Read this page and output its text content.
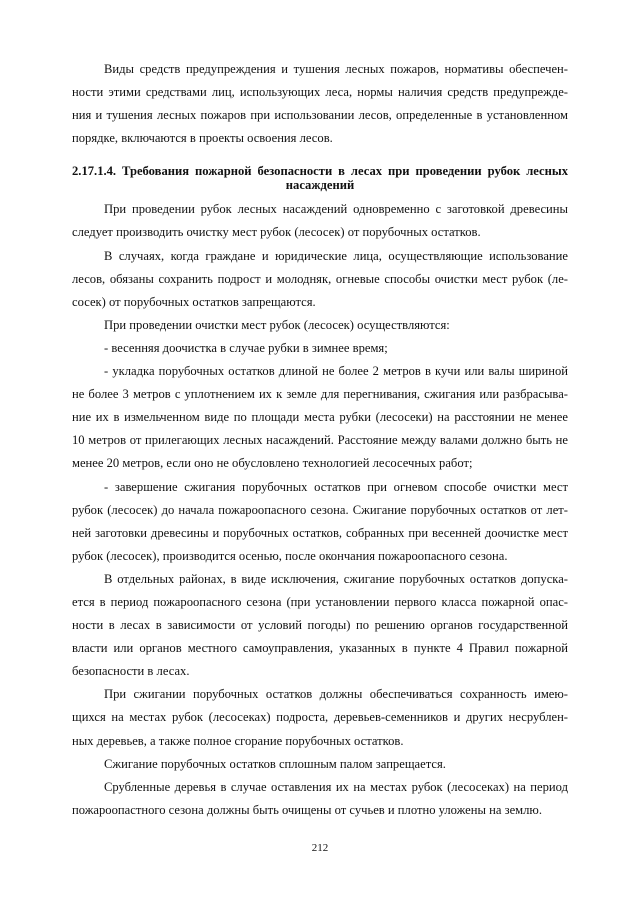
Виды средств предупреждения и тушения лесных пожаров, нормативы обеспечен-
ности этими средствами лиц, использующих леса, нормы наличия средств предупрежде-
ния и тушения лесных пожаров при использовании лесов, определенные в установленном
порядке, включаются в проекты освоения лесов.
2.17.1.4. Требования пожарной безопасности в лесах при проведении рубок лесных
насаждений
При проведении рубок лесных насаждений одновременно с заготовкой древесины
следует производить очистку мест рубок (лесосек) от порубочных остатков.
В случаях, когда граждане и юридические лица, осуществляющие использование
лесов, обязаны сохранить подрост и молодняк, огневые способы очистки мест рубок (ле-
сосек) от порубочных остатков запрещаются.
При проведении очистки мест рубок (лесосек) осуществляются:
- весенняя доочистка в случае рубки в зимнее время;
- укладка порубочных остатков длиной не более 2 метров в кучи или валы шириной
не более 3 метров с уплотнением их к земле для перегнивания, сжигания или разбрасыва-
ние их в измельченном виде по площади места рубки (лесосеки) на расстоянии не менее
10 метров от прилегающих лесных насаждений. Расстояние между валами должно быть не
менее 20 метров, если оно не обусловлено технологией лесосечных работ;
- завершение сжигания порубочных остатков при огневом способе очистки мест
рубок (лесосек) до начала пожароопасного сезона. Сжигание порубочных остатков от лет-
ней заготовки древесины и порубочных остатков, собранных при весенней доочистке мест
рубок (лесосек), производится осенью, после окончания пожароопасного сезона.
В отдельных районах, в виде исключения, сжигание порубочных остатков допуска-
ется в период пожароопасного сезона (при установлении первого класса пожарной опас-
ности в лесах в зависимости от условий погоды) по решению органов государственной
власти или органов местного самоуправления, указанных в пункте 4 Правил пожарной
безопасности в лесах.
При сжигании порубочных остатков должны обеспечиваться сохранность имею-
щихся на местах рубок (лесосеках) подроста, деревьев-семенников и других несрублен-
ных деревьев, а также полное сгорание порубочных остатков.
Сжигание порубочных остатков сплошным палом запрещается.
Срубленные деревья в случае оставления их на местах рубок (лесосеках) на период
пожароопастного сезона должны быть очищены от сучьев и плотно уложены на землю.
212
